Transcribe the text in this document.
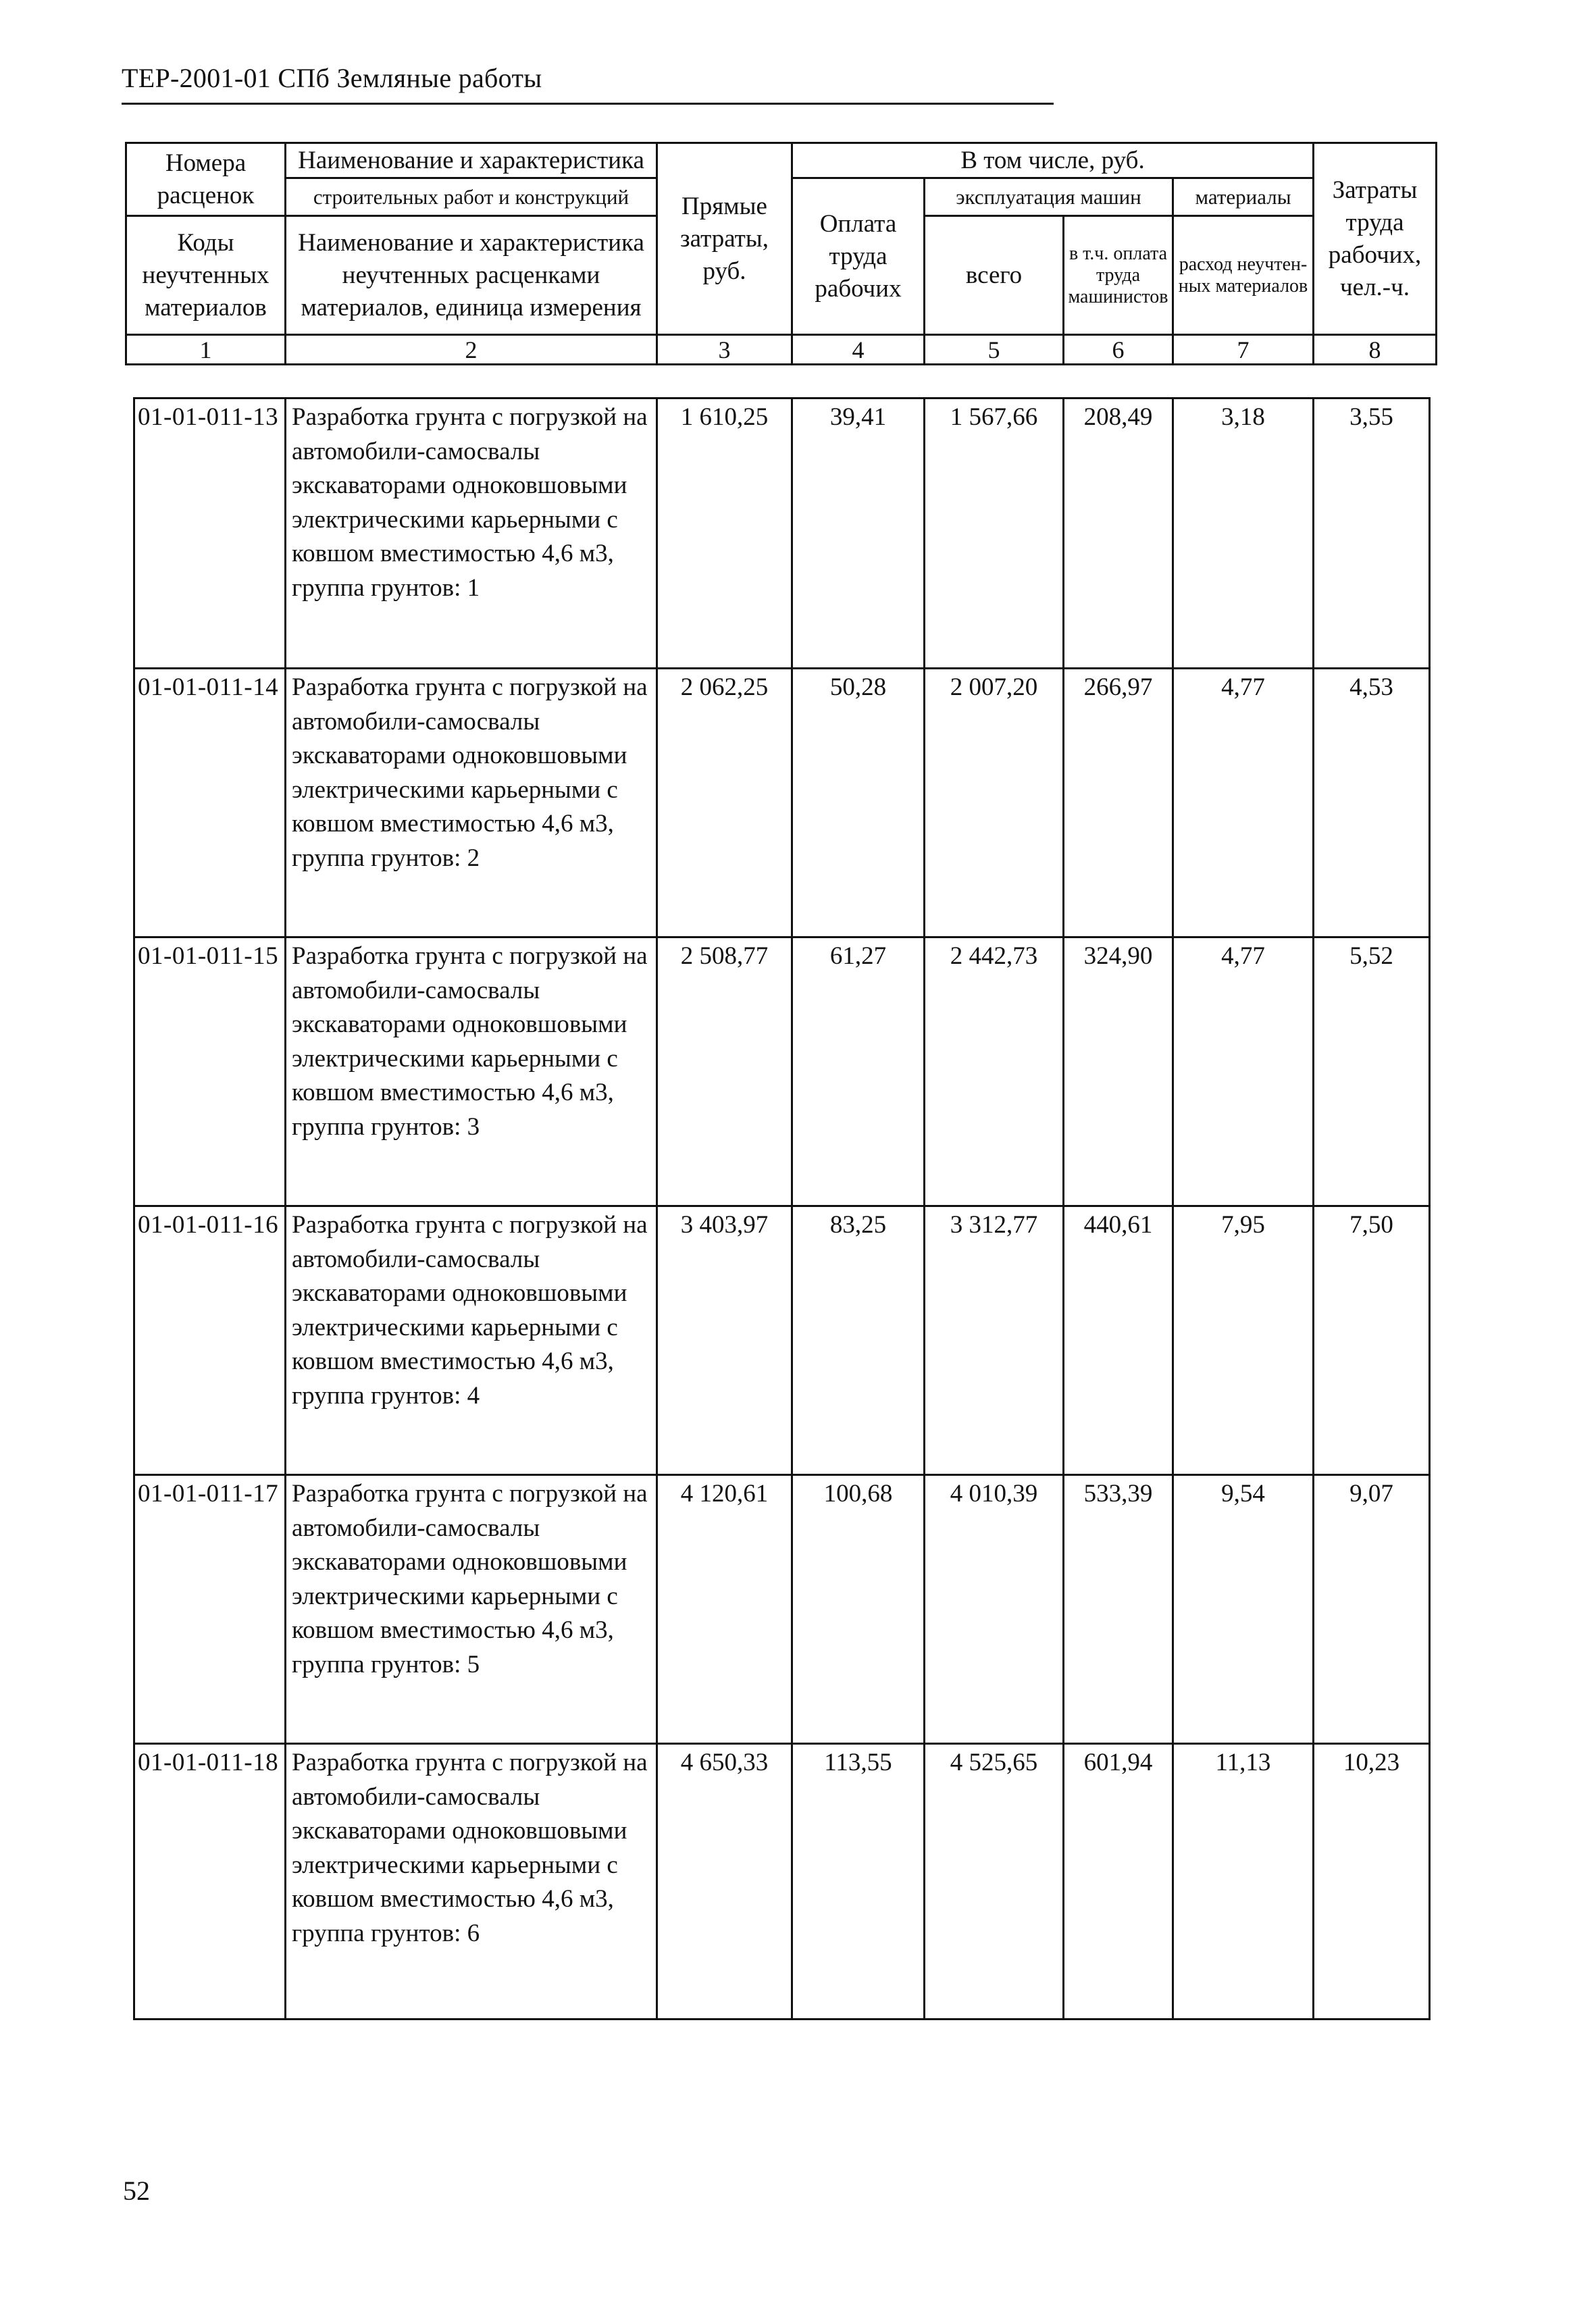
ТЕР-2001-01 СПб Земляные работы
Номера расценок	Наименование и характеристика	Прямые затраты, руб.	В том числе, руб.				Затраты труда рабочих, чел.-ч.
	строительных работ и конструкций		Оплата труда рабочих	эксплуатация машин		материалы	
Коды неучтенных материалов	Наименование и характеристика неучтенных расценками материалов, единица измерения			всего	в т.ч. оплата труда машинистов	расход неучтен-ных материалов	

1	2	3	4	5	6	7	8
01-01-011-13	Разработка грунта с погрузкой на автомобили-самосвалы экскаваторами одноковшовыми электрическими карьерными с ковшом вместимостью 4,6 м3, группа грунтов: 1	1 610,25	39,41	1 567,66	208,49	3,18	3,55
01-01-011-14	Разработка грунта с погрузкой на автомобили-самосвалы экскаваторами одноковшовыми электрическими карьерными с ковшом вместимостью 4,6 м3, группа грунтов: 2	2 062,25	50,28	2 007,20	266,97	4,77	4,53
01-01-011-15	Разработка грунта с погрузкой на автомобили-самосвалы экскаваторами одноковшовыми электрическими карьерными с ковшом вместимостью 4,6 м3, группа грунтов: 3	2 508,77	61,27	2 442,73	324,90	4,77	5,52
01-01-011-16	Разработка грунта с погрузкой на автомобили-самосвалы экскаваторами одноковшовыми электрическими карьерными с ковшом вместимостью 4,6 м3, группа грунтов: 4	3 403,97	83,25	3 312,77	440,61	7,95	7,50
01-01-011-17	Разработка грунта с погрузкой на автомобили-самосвалы экскаваторами одноковшовыми электрическими карьерными с ковшом вместимостью 4,6 м3, группа грунтов: 5	4 120,61	100,68	4 010,39	533,39	9,54	9,07
01-01-011-18	Разработка грунта с погрузкой на автомобили-самосвалы экскаваторами одноковшовыми электрическими карьерными с ковшом вместимостью 4,6 м3, группа грунтов: 6	4 650,33	113,55	4 525,65	601,94	11,13	10,23
52
